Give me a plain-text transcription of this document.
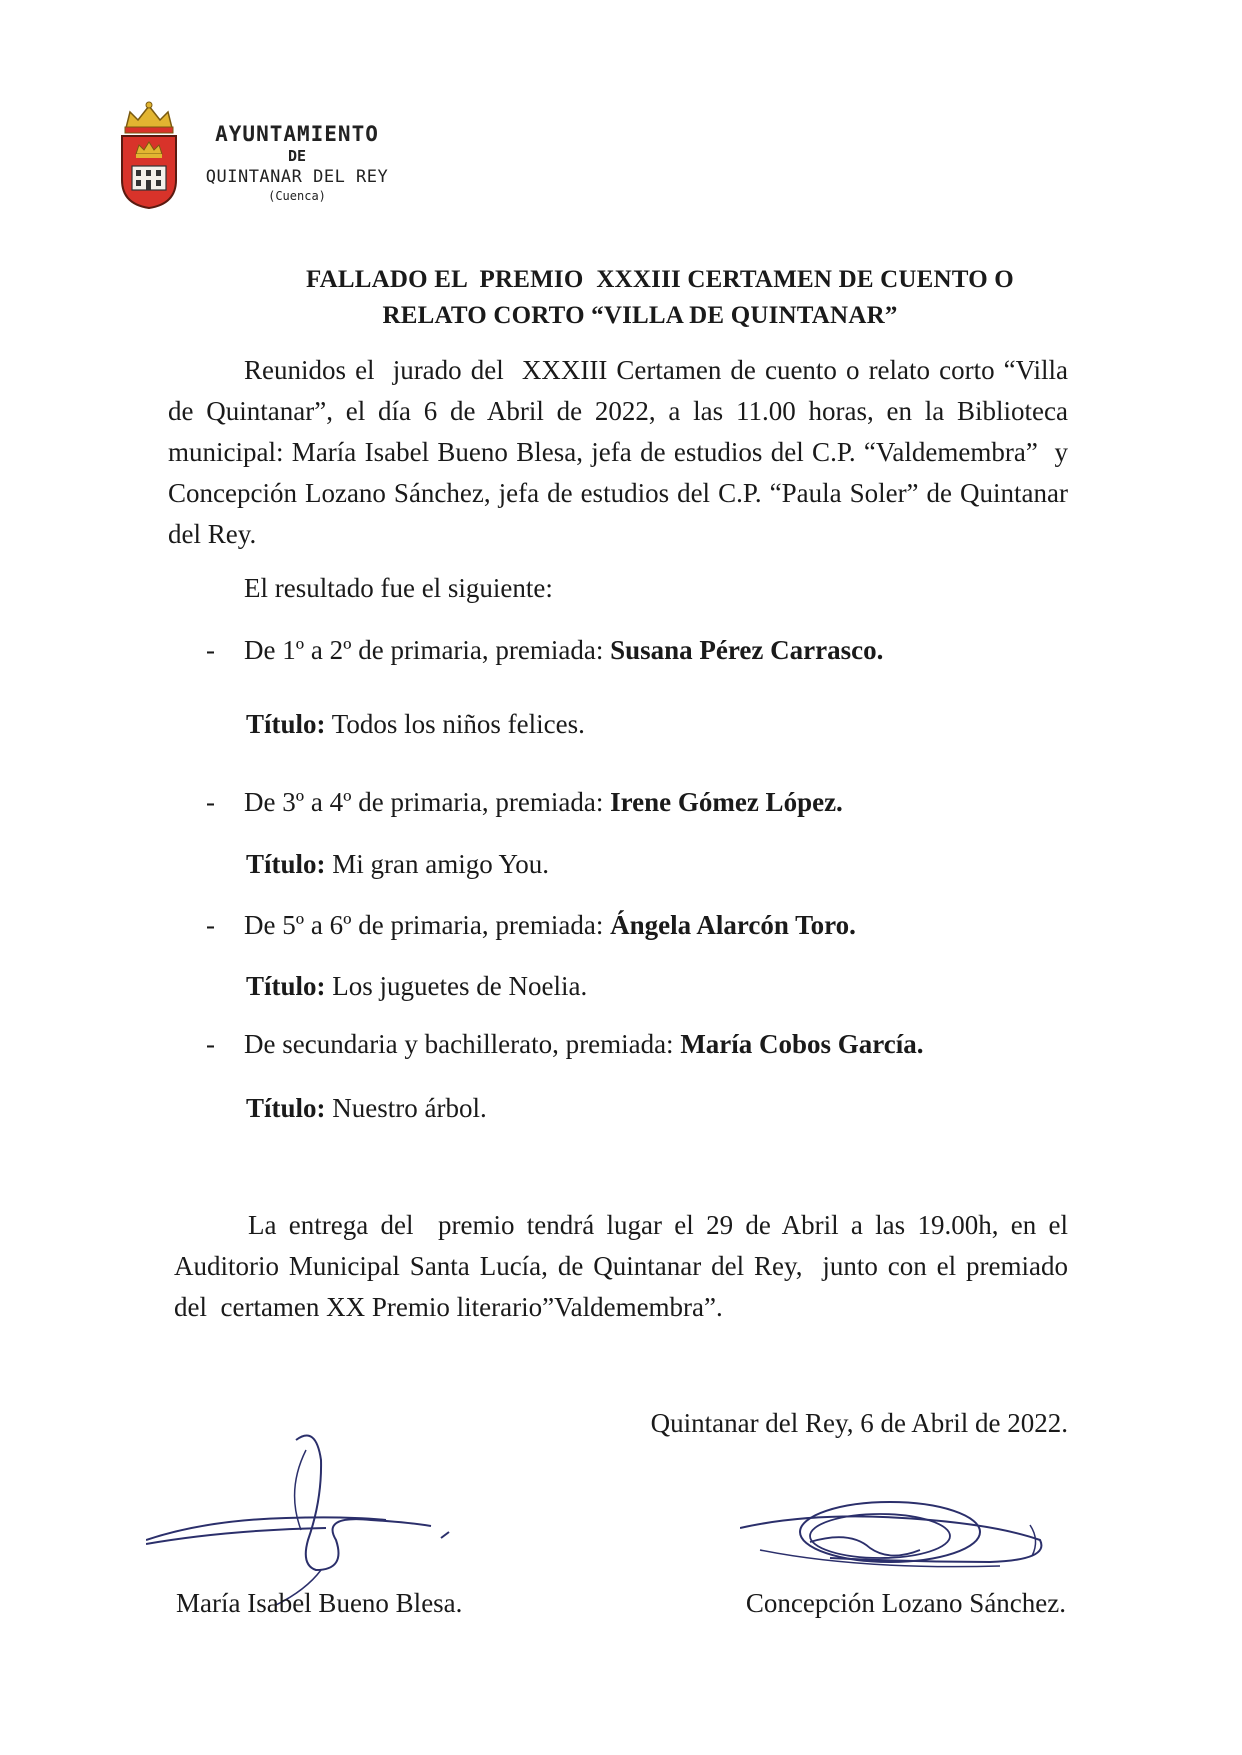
AYUNTAMIENTO
DE
QUINTANAR DEL REY
(Cuenca)
FALLADO EL  PREMIO  XXXIII CERTAMEN DE CUENTO O
RELATO CORTO “VILLA DE QUINTANAR”
Reunidos el  jurado del  XXXIII Certamen de cuento o relato corto “Villa de Quintanar”, el día 6 de Abril de 2022, a las 11.00 horas, en la Biblioteca municipal: María Isabel Bueno Blesa, jefa de estudios del C.P. “Valdemembra”  y Concepción Lozano Sánchez, jefa de estudios del C.P. “Paula Soler” de Quintanar del Rey.
El resultado fue el siguiente:
- De 1º a 2º de primaria, premiada: Susana Pérez Carrasco.
Título: Todos los niños felices.
- De 3º a 4º de primaria, premiada: Irene Gómez López.
Título: Mi gran amigo You.
- De 5º a 6º de primaria, premiada: Ángela Alarcón Toro.
Título: Los juguetes de Noelia.
- De secundaria y bachillerato, premiada: María Cobos García.
Título: Nuestro árbol.
La entrega del  premio tendrá lugar el 29 de Abril a las 19.00h, en el Auditorio Municipal Santa Lucía, de Quintanar del Rey,  junto con el premiado del  certamen XX Premio literario”Valdemembra”.
Quintanar del Rey, 6 de Abril de 2022.
María Isabel Bueno Blesa.	Concepción Lozano Sánchez.
